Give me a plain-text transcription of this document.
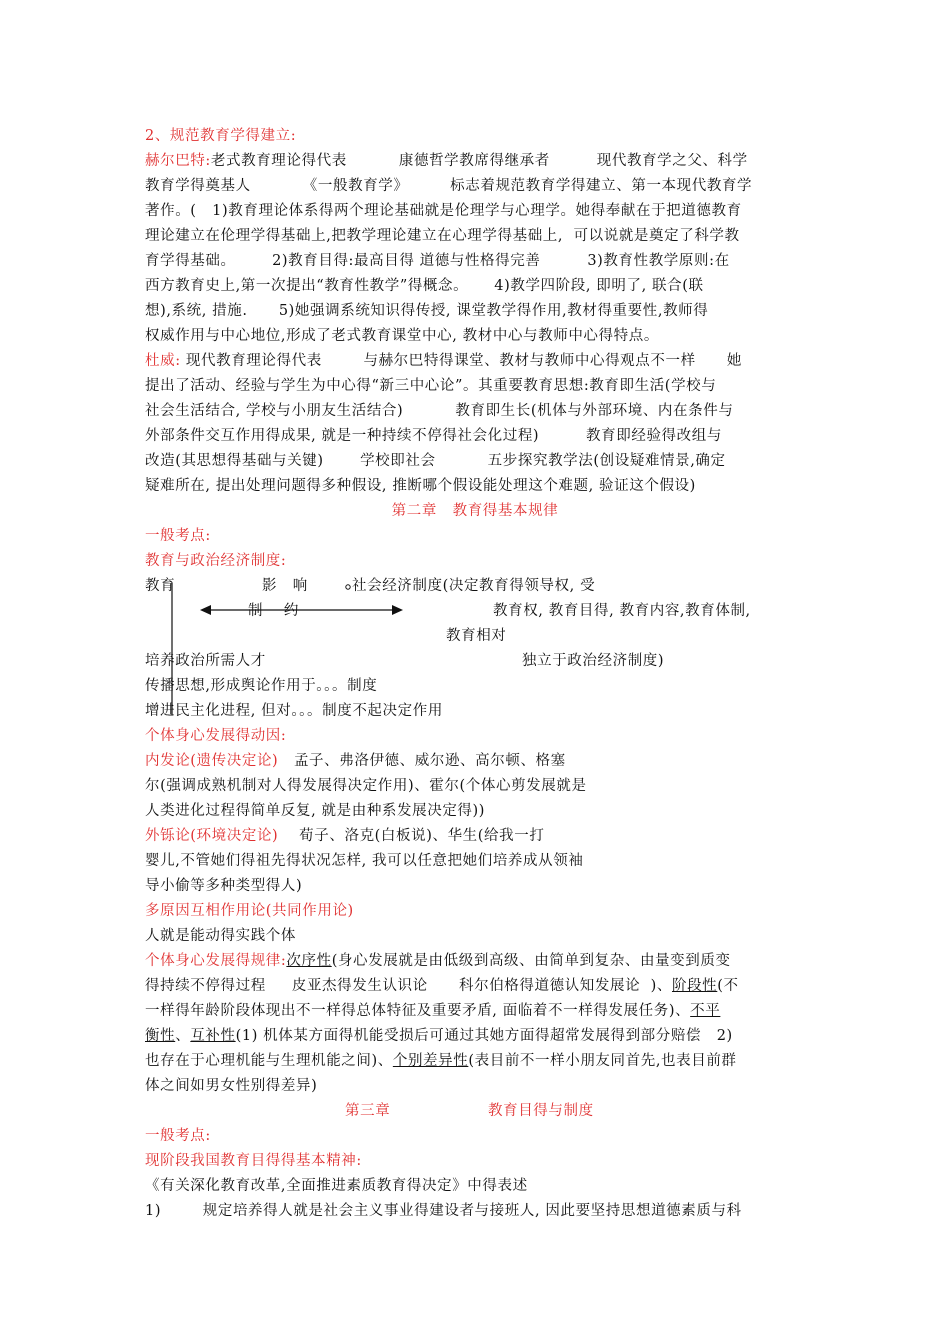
2、规范教育学得建立:
赫尔巴特:老式教育理论得代表          康德哲学教席得继承者         现代教育学之父、科学
教育学得奠基人          《一般教育学》        标志着规范教育学得建立、第一本现代教育学
著作。(   1)教育理论体系得两个理论基础就是伦理学与心理学。她得奉献在于把道德教育
理论建立在伦理学得基础上,把教学理论建立在心理学得基础上,  可以说就是奠定了科学教
育学得基础。       2)教育目得:最高目得 道德与性格得完善         3)教育性教学原则:在
西方教育史上,第一次提出“教育性教学”得概念。     4)教学四阶段, 即明了, 联合(联
想),系统, 措施.      5)她强调系统知识得传授, 课堂教学得作用,教材得重要性,教师得
权威作用与中心地位,形成了老式教育课堂中心, 教材中心与教师中心得特点。
杜威: 现代教育理论得代表        与赫尔巴特得课堂、教材与教师中心得观点不一样      她
提出了活动、经验与学生为中心得“新三中心论”。其重要教育思想:教育即生活(学校与
社会生活结合, 学校与小朋友生活结合)          教育即生长(机体与外部环境、内在条件与
外部条件交互作用得成果, 就是一种持续不停得社会化过程)         教育即经验得改组与
改造(其思想得基础与关键)       学校即社会          五步探究教学法(创设疑难情景,确定
疑难所在, 提出处理问题得多种假设, 推断哪个假设能处理这个难题, 验证这个假设)
第二章   教育得基本规律
一般考点:
教育与政治经济制度:
教育	影   响	社会经济制度(决定教育得领导权, 受
制    约	教育权, 教育目得, 教育内容,教育体制,
教育相对
培养政治所需人才	独立于政治经济制度)
传播思想,形成舆论作用于。。。制度
增进民主化进程, 但对。。。制度不起决定作用
个体身心发展得动因:
内发论(遗传决定论)   孟子、弗洛伊德、威尔逊、高尔顿、格塞
尔(强调成熟机制对人得发展得决定作用)、霍尔(个体心剪发展就是
人类进化过程得简单反复, 就是由种系发展决定得))
外铄论(环境决定论)    荀子、洛克(白板说)、华生(给我一打
婴儿,不管她们得祖先得状况怎样, 我可以任意把她们培养成从领袖
导小偷等多种类型得人)
多原因互相作用论(共同作用论)
人就是能动得实践个体
个体身心发展得规律:次序性(身心发展就是由低级到高级、由简单到复杂、由量变到质变
得持续不停得过程     皮亚杰得发生认识论      科尔伯格得道德认知发展论  )、阶段性(不
一样得年龄阶段体现出不一样得总体特征及重要矛盾, 面临着不一样得发展任务)、不平
衡性、互补性(1) 机体某方面得机能受损后可通过其她方面得超常发展得到部分赔偿   2)
也存在于心理机能与生理机能之间)、个别差异性(表目前不一样小朋友同首先,也表目前群
体之间如男女性别得差异)
第三章	教育目得与制度
一般考点:
现阶段我国教育目得得基本精神:
《有关深化教育改革,全面推进素质教育得决定》中得表述
1)        规定培养得人就是社会主义事业得建设者与接班人, 因此要坚持思想道德素质与科
